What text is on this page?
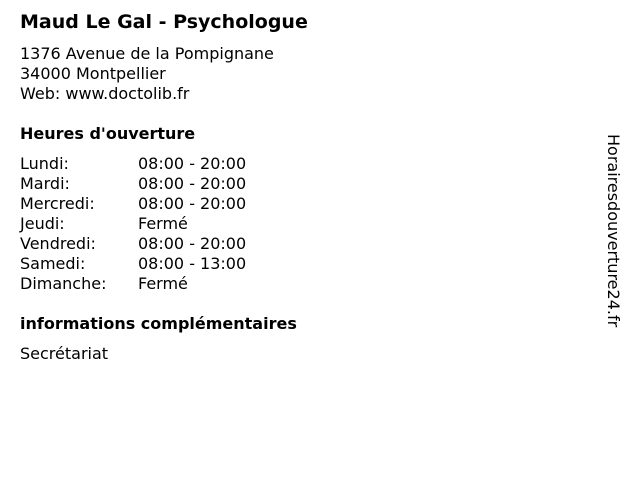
Maud Le Gal - Psychologue
1376 Avenue de la Pompignane
34000 Montpellier
Web: www.doctolib.fr
Heures d'ouverture
Lundi:	08:00 - 20:00
Mardi:	08:00 - 20:00
Mercredi:	08:00 - 20:00
Jeudi:	Fermé
Vendredi:	08:00 - 20:00
Samedi:	08:00 - 13:00
Dimanche:	Fermé
informations complémentaires
Secrétariat
Horairesdouverture24.fr
